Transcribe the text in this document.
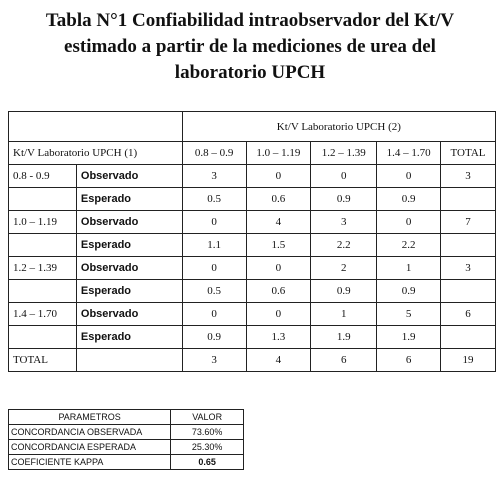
Tabla N°1 Confiabilidad intraobservador del Kt/V
estimado a partir de la mediciones de urea del
laboratorio UPCH
		Kt/V Laboratorio UPCH (2)				
Kt/V Laboratorio UPCH (1)		0.8 – 0.9	1.0 – 1.19	1.2 – 1.39	1.4 – 1.70	TOTAL
0.8 - 0.9	Observado	3	0	0	0	3
	Esperado	0.5	0.6	0.9	0.9	
1.0 – 1.19	Observado	0	4	3	0	7
	Esperado	1.1	1.5	2.2	2.2	
1.2 – 1.39	Observado	0	0	2	1	3
	Esperado	0.5	0.6	0.9	0.9	
1.4 – 1.70	Observado	0	0	1	5	6
	Esperado	0.9	1.3	1.9	1.9	
TOTAL		3	4	6	6	19
PARAMETROS	VALOR
CONCORDANCIA OBSERVADA	73.60%
CONCORDANCIA ESPERADA	25.30%
COEFICIENTE KAPPA	0.65
